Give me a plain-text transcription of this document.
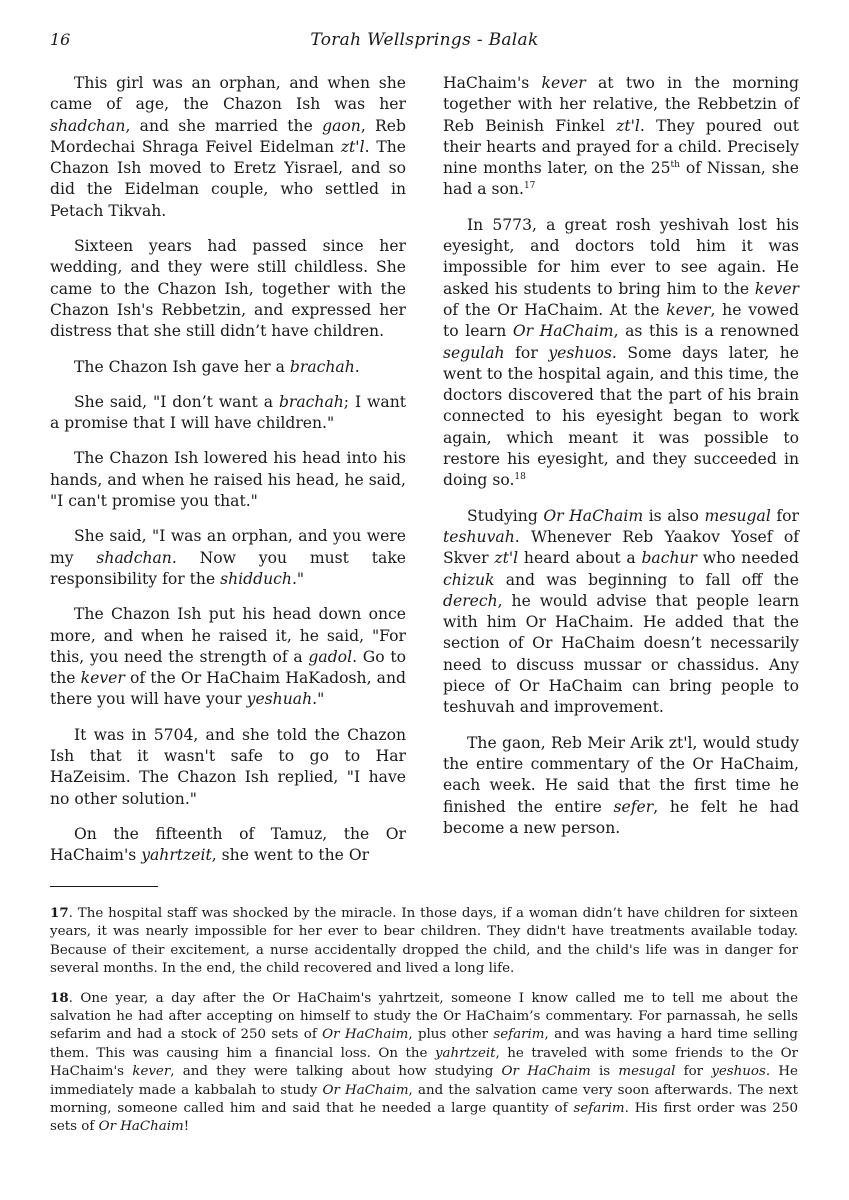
16	Torah Wellsprings - Balak

This girl was an orphan, and when she came of age, the Chazon Ish was her shadchan, and she married the gaon, Reb Mordechai Shraga Feivel Eidelman zt'l. The Chazon Ish moved to Eretz Yisrael, and so did the Eidelman couple, who settled in Petach Tikvah.

Sixteen years had passed since her wedding, and they were still childless. She came to the Chazon Ish, together with the Chazon Ish's Rebbetzin, and expressed her distress that she still didn’t have children.

The Chazon Ish gave her a brachah.

She said, "I don’t want a brachah; I want a promise that I will have children."

The Chazon Ish lowered his head into his hands, and when he raised his head, he said, "I can't promise you that."

She said, "I was an orphan, and you were my shadchan. Now you must take responsibility for the shidduch."

The Chazon Ish put his head down once more, and when he raised it, he said, "For this, you need the strength of a gadol. Go to the kever of the Or HaChaim HaKadosh, and there you will have your yeshuah."

It was in 5704, and she told the Chazon Ish that it wasn't safe to go to Har HaZeisim. The Chazon Ish replied, "I have no other solution."

On the fifteenth of Tamuz, the Or HaChaim's yahrtzeit, she went to the Or

HaChaim's kever at two in the morning together with her relative, the Rebbetzin of Reb Beinish Finkel zt'l. They poured out their hearts and prayed for a child. Precisely nine months later, on the 25th of Nissan, she had a son.$^{17}$

In 5773, a great rosh yeshivah lost his eyesight, and doctors told him it was impossible for him ever to see again. He asked his students to bring him to the kever of the Or HaChaim. At the kever, he vowed to learn Or HaChaim, as this is a renowned segulah for yeshuos. Some days later, he went to the hospital again, and this time, the doctors discovered that the part of his brain connected to his eyesight began to work again, which meant it was possible to restore his eyesight, and they succeeded in doing so.$^{18}$

Studying Or HaChaim is also mesugal for teshuvah. Whenever Reb Yaakov Yosef of Skver zt'l heard about a bachur who needed chizuk and was beginning to fall off the derech, he would advise that people learn with him Or HaChaim. He added that the section of Or HaChaim doesn’t necessarily need to discuss mussar or chassidus. Any piece of Or HaChaim can bring people to teshuvah and improvement.

The gaon, Reb Meir Arik zt'l, would study the entire commentary of the Or HaChaim, each week. He said that the first time he finished the entire sefer, he felt he had become a new person.

17. The hospital staff was shocked by the miracle. In those days, if a woman didn’t have children for sixteen years, it was nearly impossible for her ever to bear children. They didn't have treatments available today. Because of their excitement, a nurse accidentally dropped the child, and the child's life was in danger for several months. In the end, the child recovered and lived a long life.

18. One year, a day after the Or HaChaim's yahrtzeit, someone I know called me to tell me about the salvation he had after accepting on himself to study the Or HaChaim’s commentary. For parnassah, he sells sefarim and had a stock of 250 sets of Or HaChaim, plus other sefarim, and was having a hard time selling them. This was causing him a financial loss. On the yahrtzeit, he traveled with some friends to the Or HaChaim's kever, and they were talking about how studying Or HaChaim is mesugal for yeshuos. He immediately made a kabbalah to study Or HaChaim, and the salvation came very soon afterwards. The next morning, someone called him and said that he needed a large quantity of sefarim. His first order was 250 sets of Or HaChaim!
